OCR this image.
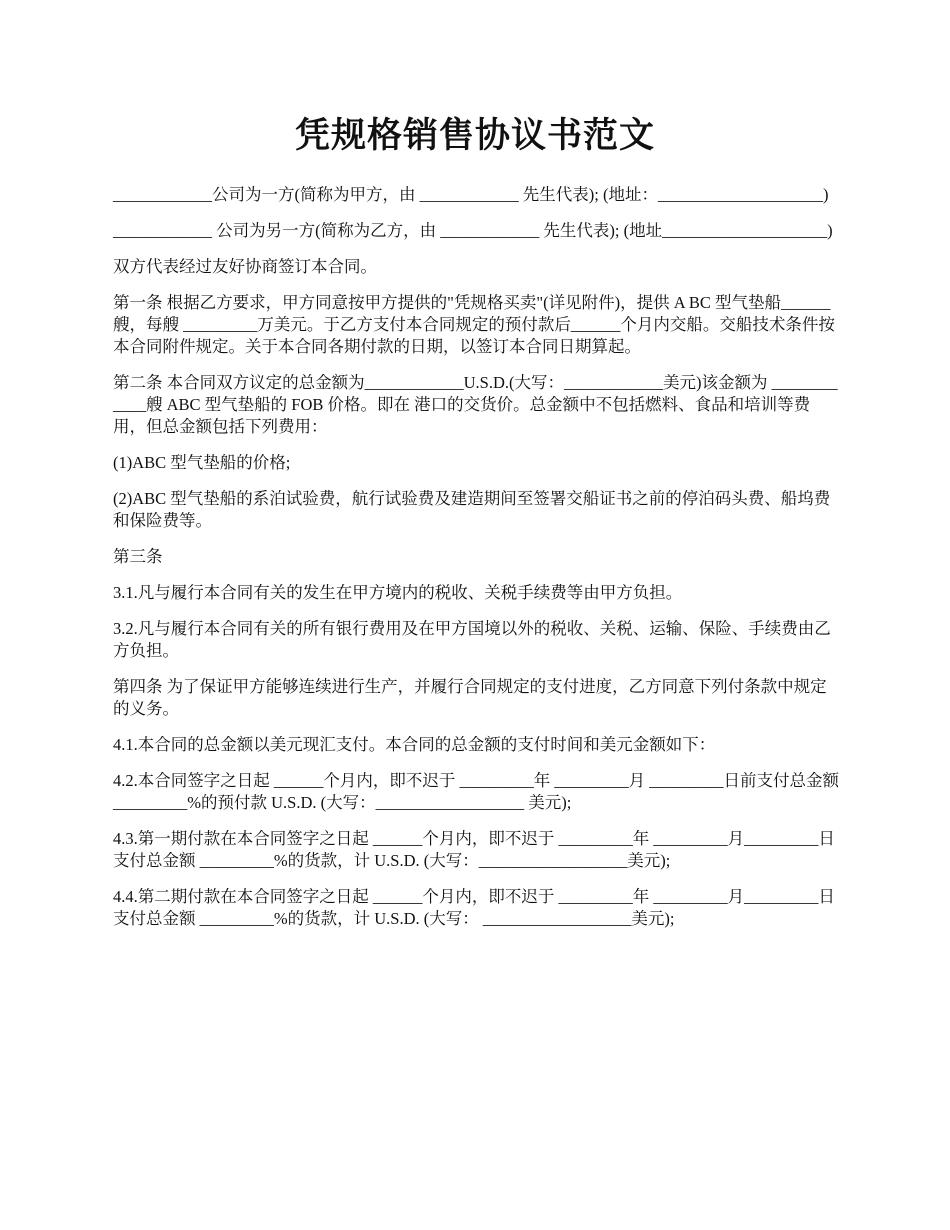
凭规格销售协议书范文

____________公司为一方(简称为甲方，由 ____________ 先生代表); (地址：____________________)

____________ 公司为另一方(简称为乙方，由 ____________ 先生代表); (地址____________________)

双方代表经过友好协商签订本合同。

第一条 根据乙方要求，甲方同意按甲方提供的"凭规格买卖"(详见附件)，提供 A BC 型气垫船______艘，每艘 _________万美元。于乙方支付本合同规定的预付款后______个月内交船。交船技术条件按本合同附件规定。关于本合同各期付款的日期，以签订本合同日期算起。

第二条 本合同双方议定的总金额为____________U.S.D.(大写：____________美元)该金额为 ____________艘 ABC 型气垫船的 FOB 价格。即在 港口的交货价。总金额中不包括燃料、食品和培训等费用，但总金额包括下列费用：

(1)ABC 型气垫船的价格;

(2)ABC 型气垫船的系泊试验费，航行试验费及建造期间至签署交船证书之前的停泊码头费、船坞费和保险费等。

第三条

3.1.凡与履行本合同有关的发生在甲方境内的税收、关税手续费等由甲方负担。

3.2.凡与履行本合同有关的所有银行费用及在甲方国境以外的税收、关税、运输、保险、手续费由乙方负担。

第四条 为了保证甲方能够连续进行生产，并履行合同规定的支付进度，乙方同意下列付条款中规定的义务。

4.1.本合同的总金额以美元现汇支付。本合同的总金额的支付时间和美元金额如下：

4.2.本合同签字之日起 ______个月内，即不迟于 _________年 _________月 _________日前支付总金额 _________%的预付款 U.S.D. (大写：__________________ 美元);

4.3.第一期付款在本合同签字之日起 ______个月内，即不迟于 _________年 _________月_________日支付总金额 _________%的货款，计 U.S.D. (大写：__________________美元);

4.4.第二期付款在本合同签字之日起 ______个月内，即不迟于 _________年 _________月_________日支付总金额 _________%的货款，计 U.S.D. (大写： __________________美元);
